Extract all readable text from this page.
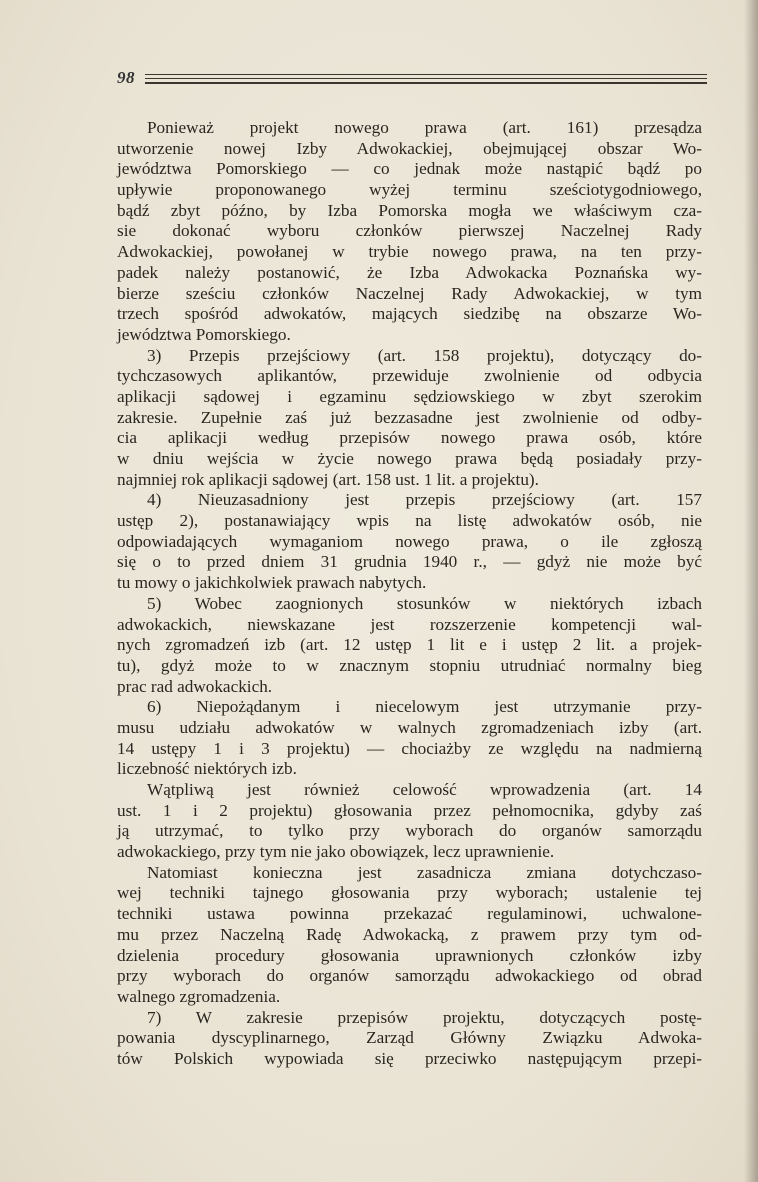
98
Ponieważ projekt nowego prawa (art. 161) przesądza
utworzenie nowej Izby Adwokackiej, obejmującej obszar Wo-
jewództwa Pomorskiego — co jednak może nastąpić bądź po
upływie proponowanego wyżej terminu sześciotygodniowego,
bądź zbyt późno, by Izba Pomorska mogła we właściwym cza-
sie dokonać wyboru członków pierwszej Naczelnej Rady
Adwokackiej, powołanej w trybie nowego prawa, na ten przy-
padek należy postanowić, że Izba Adwokacka Poznańska wy-
bierze sześciu członków Naczelnej Rady Adwokackiej, w tym
trzech spośród adwokatów, mających siedzibę na obszarze Wo-
jewództwa Pomorskiego.
3) Przepis przejściowy (art. 158 projektu), dotyczący do-
tychczasowych aplikantów, przewiduje zwolnienie od odbycia
aplikacji sądowej i egzaminu sędziowskiego w zbyt szerokim
zakresie. Zupełnie zaś już bezzasadne jest zwolnienie od odby-
cia aplikacji według przepisów nowego prawa osób, które
w dniu wejścia w życie nowego prawa będą posiadały przy-
najmniej rok aplikacji sądowej (art. 158 ust. 1 lit. a projektu).
4) Nieuzasadniony jest przepis przejściowy (art. 157
ustęp 2), postanawiający wpis na listę adwokatów osób, nie
odpowiadających wymaganiom nowego prawa, o ile zgłoszą
się o to przed dniem 31 grudnia 1940 r., — gdyż nie może być
tu mowy o jakichkolwiek prawach nabytych.
5) Wobec zaognionych stosunków w niektórych izbach
adwokackich, niewskazane jest rozszerzenie kompetencji wal-
nych zgromadzeń izb (art. 12 ustęp 1 lit e i ustęp 2 lit. a projek-
tu), gdyż może to w znacznym stopniu utrudniać normalny bieg
prac rad adwokackich.
6) Niepożądanym i niecelowym jest utrzymanie przy-
musu udziału adwokatów w walnych zgromadzeniach izby (art.
14 ustępy 1 i 3 projektu) — chociażby ze względu na nadmierną
liczebność niektórych izb.
Wątpliwą jest również celowość wprowadzenia (art. 14
ust. 1 i 2 projektu) głosowania przez pełnomocnika, gdyby zaś
ją utrzymać, to tylko przy wyborach do organów samorządu
adwokackiego, przy tym nie jako obowiązek, lecz uprawnienie.
Natomiast konieczna jest zasadnicza zmiana dotychczaso-
wej techniki tajnego głosowania przy wyborach; ustalenie tej
techniki ustawa powinna przekazać regulaminowi, uchwalone-
mu przez Naczelną Radę Adwokacką, z prawem przy tym od-
dzielenia procedury głosowania uprawnionych członków izby
przy wyborach do organów samorządu adwokackiego od obrad
walnego zgromadzenia.
7) W zakresie przepisów projektu, dotyczących postę-
powania dyscyplinarnego, Zarząd Główny Związku Adwoka-
tów Polskich wypowiada się przeciwko następującym przepi-
